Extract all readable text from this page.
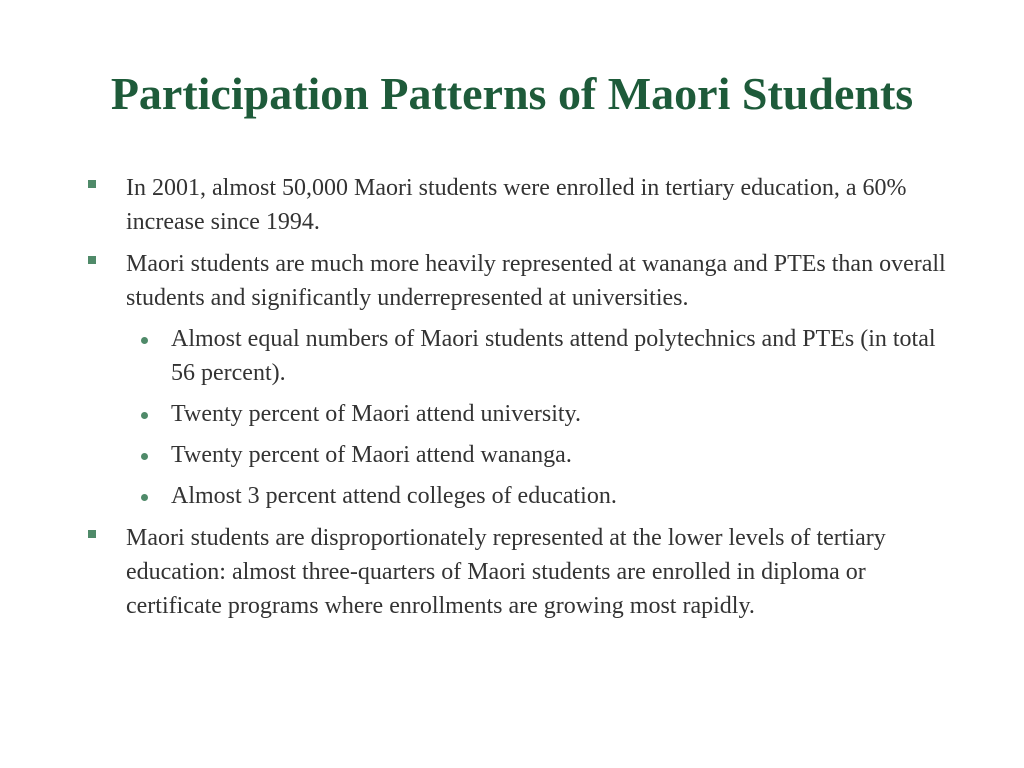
Participation Patterns of Maori Students
In 2001, almost 50,000 Maori students were enrolled in tertiary education, a 60% increase since 1994.
Maori students are much more heavily represented at wananga and PTEs than overall students and significantly underrepresented at universities.
Almost equal numbers of Maori students attend polytechnics and PTEs (in total 56 percent).
Twenty percent of Maori attend university.
Twenty percent of Maori attend wananga.
Almost 3 percent attend colleges of education.
Maori students are disproportionately represented at the lower levels of tertiary education: almost three-quarters of Maori students are enrolled in diploma or certificate programs where enrollments are growing most rapidly.
